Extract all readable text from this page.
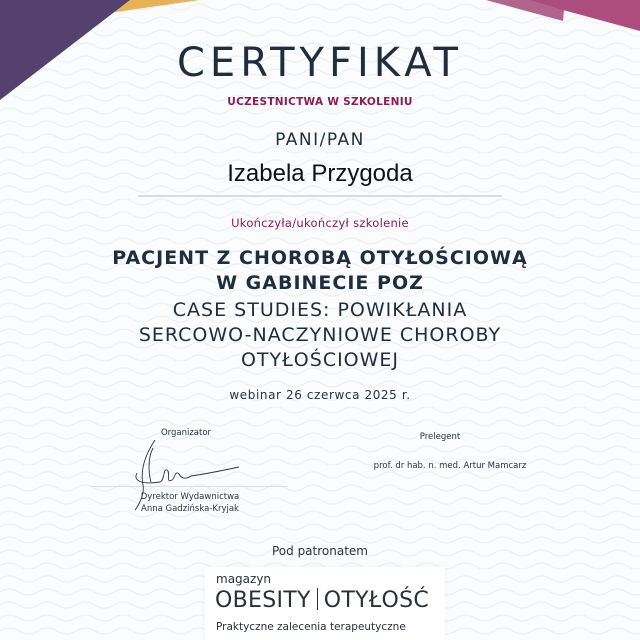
CERTYFIKAT
UCZESTNICTWA W SZKOLENIU
PANI/PAN
Izabela Przygoda
Ukończyła/ukończył szkolenie
PACJENT Z CHOROBĄ OTYŁOŚCIOWĄ
W GABINECIE POZ
CASE STUDIES: POWIKŁANIA
SERCOWO-NACZYNIOWE CHOROBY
OTYŁOŚCIOWEJ
webinar 26 czerwca 2025 r.
Organizator
Dyrektor Wydawnictwa
Anna Gadzińska-Kryjak
Prelegent
prof. dr hab. n. med. Artur Mamcarz
Pod patronatem
magazyn
OBESITY OTYŁOŚĆ
Praktyczne zalecenia terapeutyczne
